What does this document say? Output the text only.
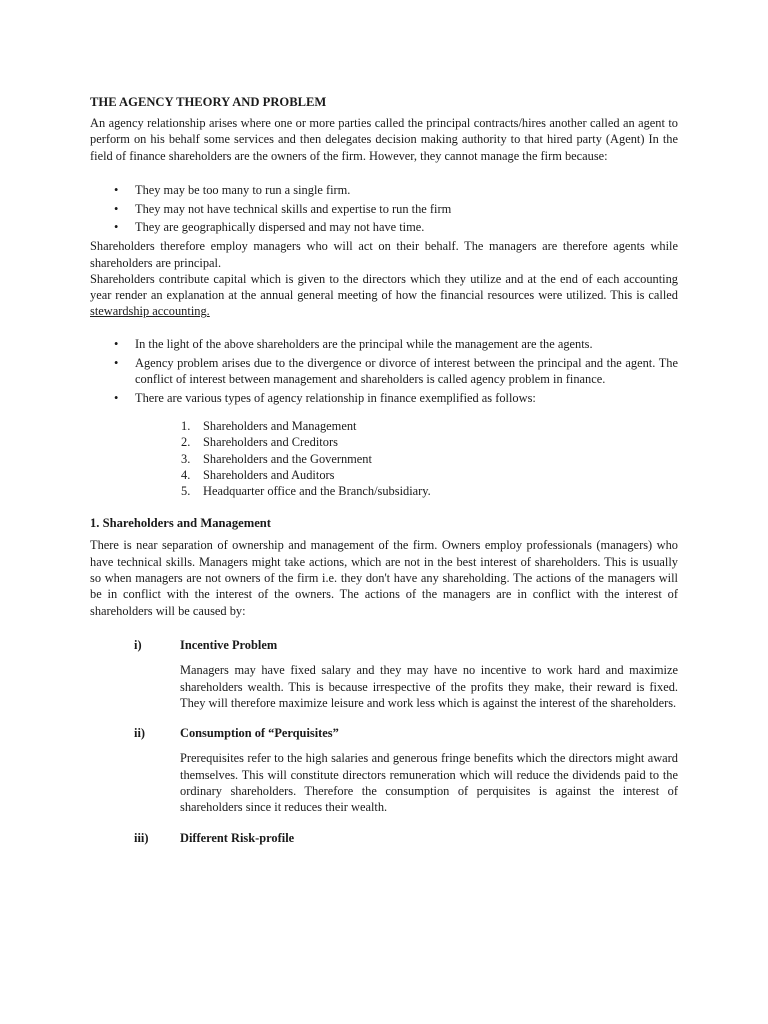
THE AGENCY THEORY AND PROBLEM

An agency relationship arises where one or more parties called the principal contracts/hires another called an agent to perform on his behalf some services and then delegates decision making authority to that hired party (Agent) In the field of finance shareholders are the owners of the firm. However, they cannot manage the firm because:

• They may be too many to run a single firm.
• They may not have technical skills and expertise to run the firm
• They are geographically dispersed and may not have time.

Shareholders therefore employ managers who will act on their behalf. The managers are therefore agents while shareholders are principal.

Shareholders contribute capital which is given to the directors which they utilize and at the end of each accounting year render an explanation at the annual general meeting of how the financial resources were utilized. This is called stewardship accounting.

• In the light of the above shareholders are the principal while the management are the agents.
• Agency problem arises due to the divergence or divorce of interest between the principal and the agent. The conflict of interest between management and shareholders is called agency problem in finance.
• There are various types of agency relationship in finance exemplified as follows:
1. Shareholders and Management
2. Shareholders and Creditors
3. Shareholders and the Government
4. Shareholders and Auditors
5. Headquarter office and the Branch/subsidiary.
1. Shareholders and Management

There is near separation of ownership and management of the firm. Owners employ professionals (managers) who have technical skills. Managers might take actions, which are not in the best interest of shareholders. This is usually so when managers are not owners of the firm i.e. they don't have any shareholding. The actions of the managers will be in conflict with the interest of the owners. The actions of the managers are in conflict with the interest of shareholders will be caused by:

i)	Incentive Problem
Managers may have fixed salary and they may have no incentive to work hard and maximize shareholders wealth. This is because irrespective of the profits they make, their reward is fixed. They will therefore maximize leisure and work less which is against the interest of the shareholders.
ii)	Consumption of “Perquisites”
Prerequisites refer to the high salaries and generous fringe benefits which the directors might award themselves. This will constitute directors remuneration which will reduce the dividends paid to the ordinary shareholders. Therefore the consumption of perquisites is against the interest of shareholders since it reduces their wealth.
iii)	Different Risk-profile
